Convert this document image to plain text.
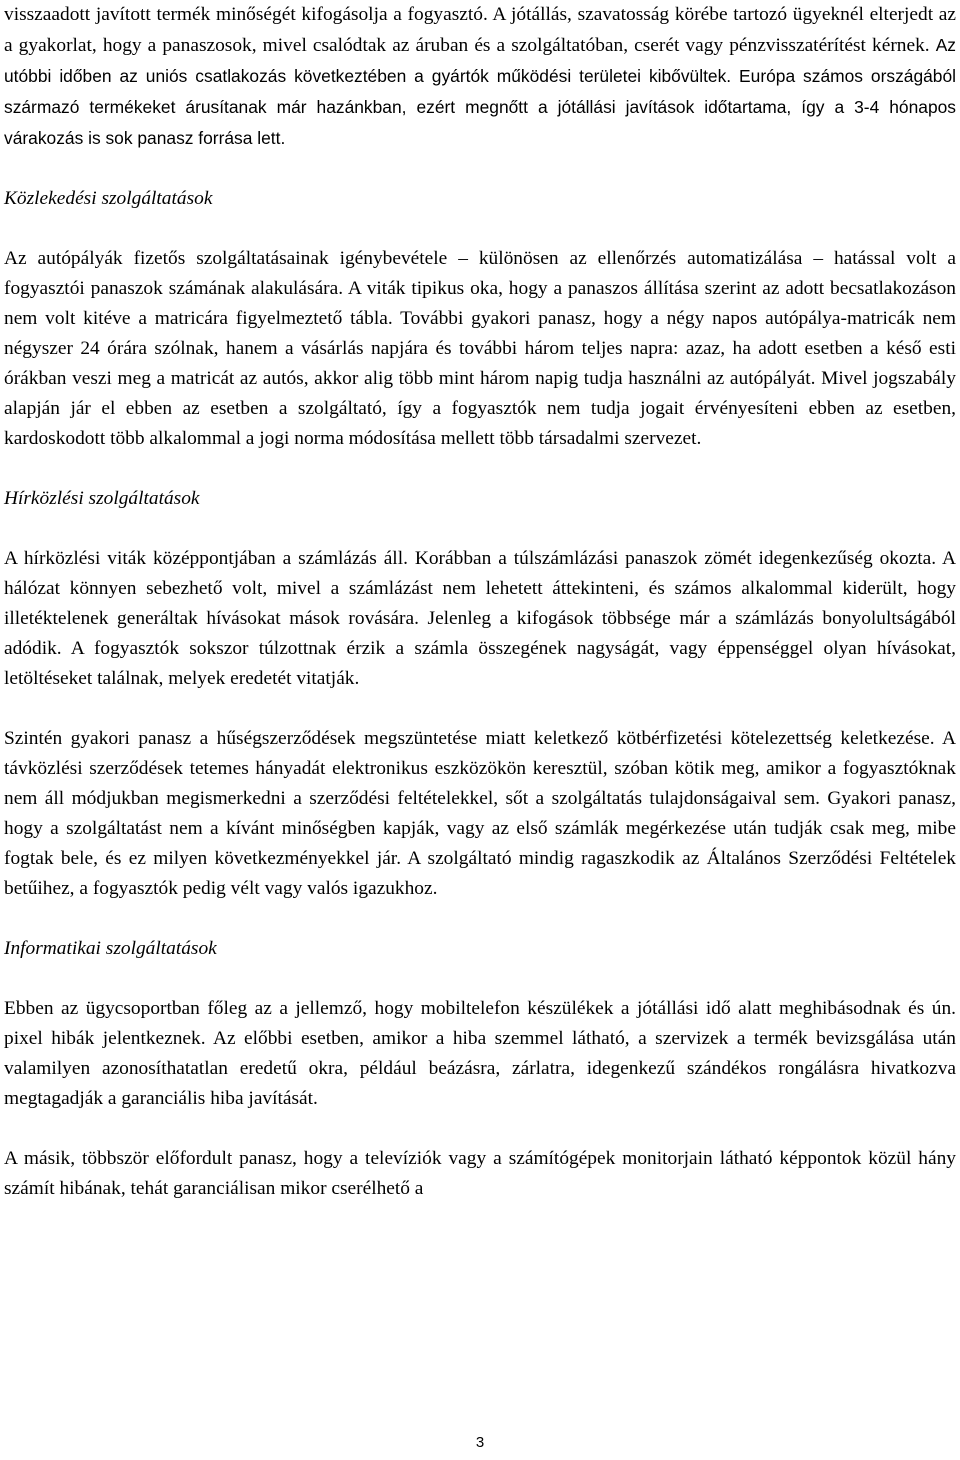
visszaadott javított termék minőségét kifogásolja a fogyasztó. A jótállás, szavatosság körébe tartozó ügyeknél elterjedt az a gyakorlat, hogy a panaszosok, mivel csalódtak az áruban és a szolgáltatóban, cserét vagy pénzvisszatérítést kérnek. Az utóbbi időben az uniós csatlakozás következtében a gyártók működési területei kibővültek. Európa számos országából származó termékeket árusítanak már hazánkban, ezért megnőtt a jótállási javítások időtartama, így a 3-4 hónapos várakozás is sok panasz forrása lett.

Közlekedési szolgáltatások

Az autópályák fizetős szolgáltatásainak igénybevétele – különösen az ellenőrzés automatizálása – hatással volt a fogyasztói panaszok számának alakulására. A viták tipikus oka, hogy a panaszos állítása szerint az adott becsatlakozáson nem volt kitéve a matricára figyelmeztető tábla. További gyakori panasz, hogy a négy napos autópálya-matricák nem négyszer 24 órára szólnak, hanem a vásárlás napjára és további három teljes napra: azaz, ha adott esetben a késő esti órákban veszi meg a matricát az autós, akkor alig több mint három napig tudja használni az autópályát. Mivel jogszabály alapján jár el ebben az esetben a szolgáltató, így a fogyasztók nem tudja jogait érvényesíteni ebben az esetben, kardoskodott több alkalommal a jogi norma módosítása mellett több társadalmi szervezet.

Hírközlési szolgáltatások

A hírközlési viták középpontjában a számlázás áll. Korábban a túlszámlázási panaszok zömét idegenkezűség okozta. A hálózat könnyen sebezhető volt, mivel a számlázást nem lehetett áttekinteni, és számos alkalommal kiderült, hogy illetéktelenek generáltak hívásokat mások rovására. Jelenleg a kifogások többsége már a számlázás bonyolultságából adódik. A fogyasztók sokszor túlzottnak érzik a számla összegének nagyságát, vagy éppenséggel olyan hívásokat, letöltéseket találnak, melyek eredetét vitatják.

Szintén gyakori panasz a hűségszerződések megszüntetése miatt keletkező kötbérfizetési kötelezettség keletkezése. A távközlési szerződések tetemes hányadát elektronikus eszközökön keresztül, szóban kötik meg, amikor a fogyasztóknak nem áll módjukban megismerkedni a szerződési feltételekkel, sőt a szolgáltatás tulajdonságaival sem. Gyakori panasz, hogy a szolgáltatást nem a kívánt minőségben kapják, vagy az első számlák megérkezése után tudják csak meg, mibe fogtak bele, és ez milyen következményekkel jár. A szolgáltató mindig ragaszkodik az Általános Szerződési Feltételek betűihez, a fogyasztók pedig vélt vagy valós igazukhoz.

Informatikai szolgáltatások

Ebben az ügycsoportban főleg az a jellemző, hogy mobiltelefon készülékek a jótállási idő alatt meghibásodnak és ún. pixel hibák jelentkeznek. Az előbbi esetben, amikor a hiba szemmel látható, a szervizek a termék bevizsgálása után valamilyen azonosíthatatlan eredetű okra, például beázásra, zárlatra, idegenkezű szándékos rongálásra hivatkozva megtagadják a garanciális hiba javítását.

A másik, többször előfordult panasz, hogy a televíziók vagy a számítógépek monitorjain látható képpontok közül hány számít hibának, tehát garanciálisan mikor cserélhető a

3
